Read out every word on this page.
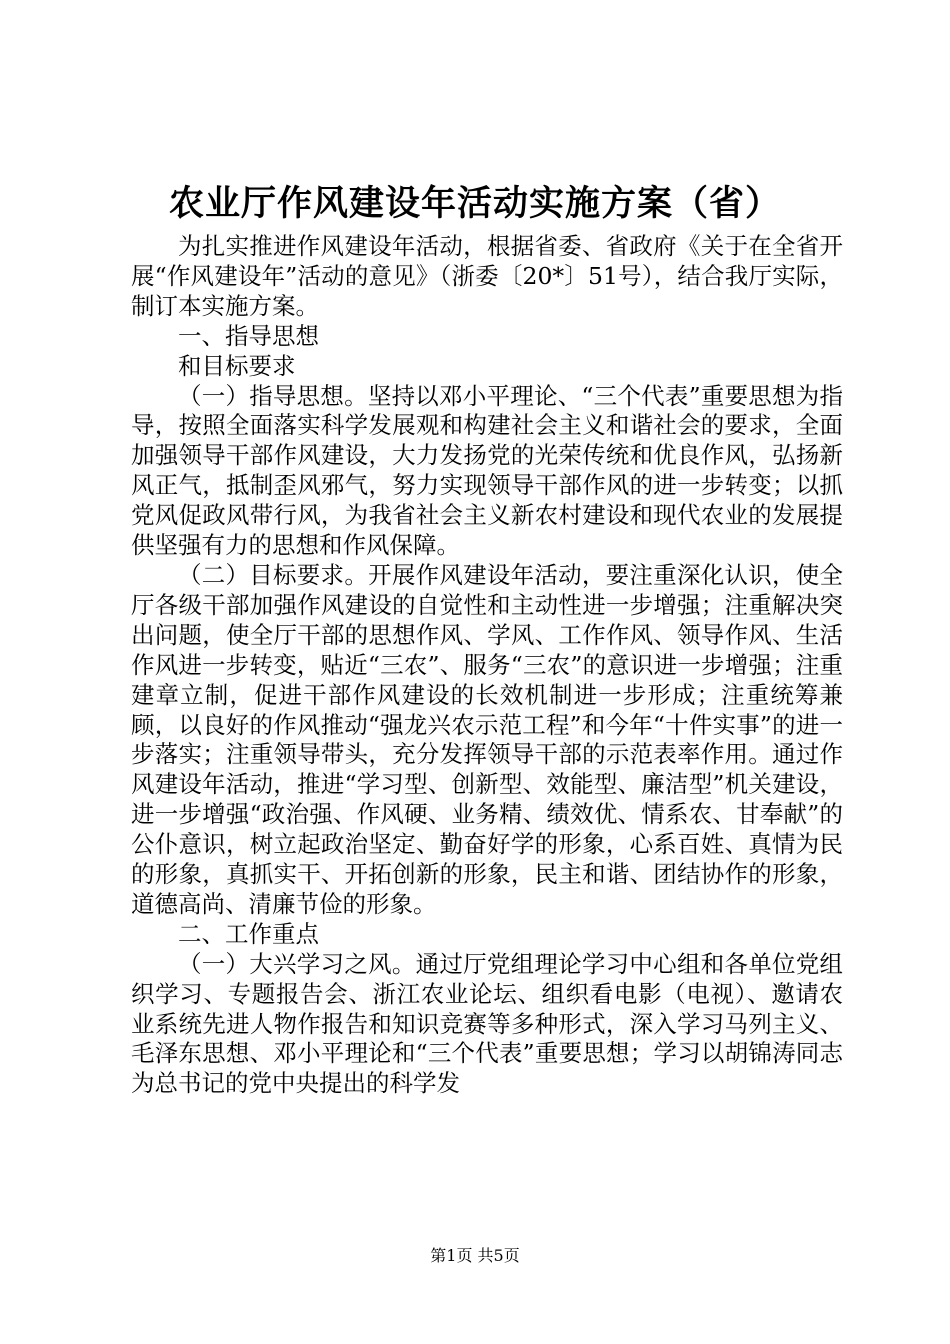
农业厅作风建设年活动实施方案（省）

为扎实推进作风建设年活动，根据省委、省政府《关于在全省开展“作风建设年”活动的意见》（浙委〔20*〕51号），结合我厅实际，制订本实施方案。

一、指导思想

和目标要求

（一）指导思想。坚持以邓小平理论、“三个代表”重要思想为指导，按照全面落实科学发展观和构建社会主义和谐社会的要求，全面加强领导干部作风建设，大力发扬党的光荣传统和优良作风，弘扬新风正气，抵制歪风邪气，努力实现领导干部作风的进一步转变；以抓党风促政风带行风，为我省社会主义新农村建设和现代农业的发展提供坚强有力的思想和作风保障。

（二）目标要求。开展作风建设年活动，要注重深化认识，使全厅各级干部加强作风建设的自觉性和主动性进一步增强；注重解决突出问题，使全厅干部的思想作风、学风、工作作风、领导作风、生活作风进一步转变，贴近“三农”、服务“三农”的意识进一步增强；注重建章立制，促进干部作风建设的长效机制进一步形成；注重统筹兼顾，以良好的作风推动“强龙兴农示范工程”和今年“十件实事”的进一步落实；注重领导带头，充分发挥领导干部的示范表率作用。通过作风建设年活动，推进“学习型、创新型、效能型、廉洁型”机关建设，进一步增强“政治强、作风硬、业务精、绩效优、情系农、甘奉献”的公仆意识，树立起政治坚定、勤奋好学的形象，心系百姓、真情为民的形象，真抓实干、开拓创新的形象，民主和谐、团结协作的形象，道德高尚、清廉节俭的形象。

二、工作重点

（一）大兴学习之风。通过厅党组理论学习中心组和各单位党组织学习、专题报告会、浙江农业论坛、组织看电影（电视）、邀请农业系统先进人物作报告和知识竞赛等多种形式，深入学习马列主义、毛泽东思想、邓小平理论和“三个代表”重要思想；学习以胡锦涛同志为总书记的党中央提出的科学发

第1页 共5页
